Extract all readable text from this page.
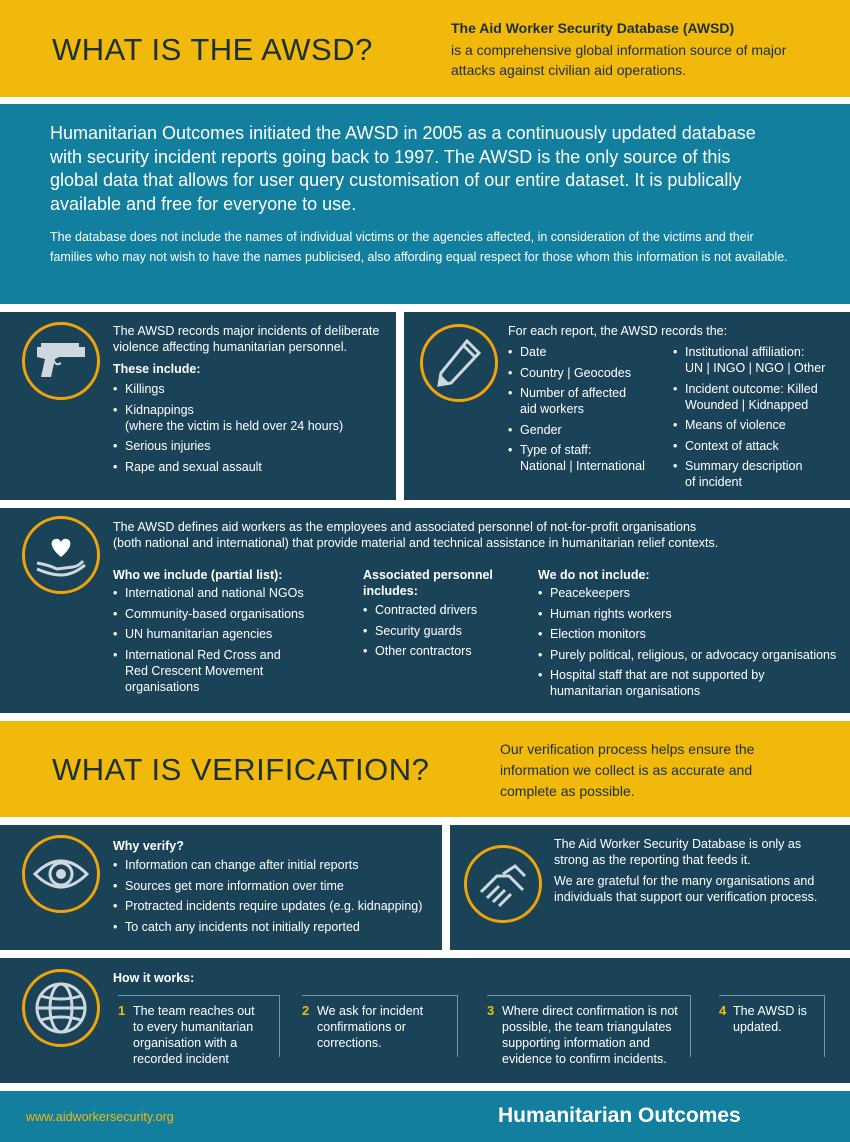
WHAT IS THE AWSD?
The Aid Worker Security Database (AWSD)
is a comprehensive global information source of major attacks against civilian aid operations.
Humanitarian Outcomes initiated the AWSD in 2005 as a continuously updated database with security incident reports going back to 1997. The AWSD is the only source of this global data that allows for user query customisation of our entire dataset. It is publically available and free for everyone to use.
The database does not include the names of individual victims or the agencies affected, in consideration of the victims and their families who may not wish to have the names publicised, also affording equal respect for those whom this information is not available.
The AWSD records major incidents of deliberate violence affecting humanitarian personnel.
These include:
• Killings
• Kidnappings
(where the victim is held over 24 hours)
• Serious injuries
• Rape and sexual assault
For each report, the AWSD records the:
• Date
• Country | Geocodes
• Number of affected
aid workers
• Gender
• Type of staff:
National | International
• Institutional affiliation:
UN | INGO | NGO | Other
• Incident outcome: Killed
Wounded | Kidnapped
• Means of violence
• Context of attack
• Summary description
of incident
The AWSD defines aid workers as the employees and associated personnel of not-for-profit organisations (both national and international) that provide material and technical assistance in humanitarian relief contexts.
Who we include (partial list):
• International and national NGOs
• Community-based organisations
• UN humanitarian agencies
• International Red Cross and
Red Crescent Movement
organisations
Associated personnel
includes:
• Contracted drivers
• Security guards
• Other contractors
We do not include:
• Peacekeepers
• Human rights workers
• Election monitors
• Purely political, religious, or advocacy organisations
• Hospital staff that are not supported by
humanitarian organisations
WHAT IS VERIFICATION?
Our verification process helps ensure the information we collect is as accurate and complete as possible.
Why verify?
• Information can change after initial reports
• Sources get more information over time
• Protracted incidents require updates (e.g. kidnapping)
• To catch any incidents not initially reported
The Aid Worker Security Database is only as strong as the reporting that feeds it.
We are grateful for the many organisations and individuals that support our verification process.
How it works:
1 The team reaches out to every humanitarian organisation with a recorded incident
2 We ask for incident confirmations or corrections.
3 Where direct confirmation is not possible, the team triangulates supporting information and evidence to confirm incidents.
4 The AWSD is updated.
www.aidworkersecurity.org	Humanitarian Outcomes
